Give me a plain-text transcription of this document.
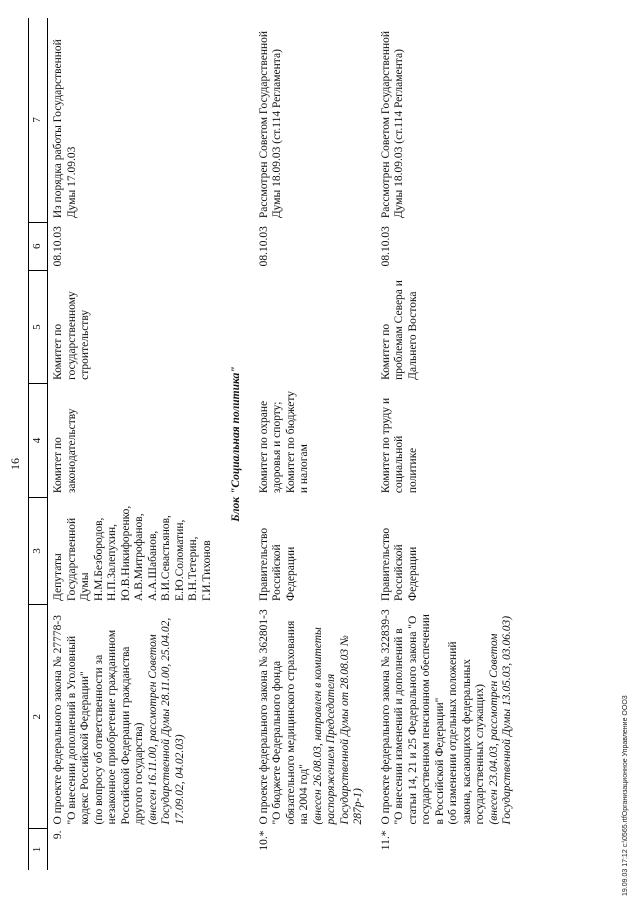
16
1	2	3	4	5	6	7
9.	О проекте федерального закона № 27778-3 "О внесении дополнений в Уголовный кодекс Российской Федерации" (по вопросу об ответственности за незаконное приобретение гражданином Российской Федерации гражданства другого государства) (внесен 16.11.00, рассмотрен Советом Государственной Думы 28.11.00, 25.04.02, 17.09.02, 04.02.03)	Депутаты Государственной Думы Н.М.Безбородов, Н.П.Залепухин, Ю.В.Никифоренко, А.В.Митрофанов, А.А.Шабанов, В.И.Севастьянов, Е.Ю.Соломатин, В.Н.Тетерин, Г.И.Тихонов	Комитет по законодательству	Комитет по государственному строительству	08.10.03	Из порядка работы Государственной Думы 17.09.03
Блок "Социальная политика"						
10.*	О проекте федерального закона № 362801-3 "О бюджете Федерального фонда обязательного медицинского страхования на 2004 год" (внесен 26.08.03, направлен в комитеты распоряжением Председателя Государственной Думы от 28.08.03 № 287р-1)	Правительство Российской Федерации	Комитет по охране здоровья и спорту; Комитет по бюджету и налогам		08.10.03	Рассмотрен Советом Государственной Думы 18.09.03 (ст.114 Регламента)
11.*	О проекте федерального закона № 322839-3 "О внесении изменений и дополнений в статьи 14, 21 и 25 Федерального закона "О государственном пенсионном обеспечении в Российской Федерации" (об изменении отдельных положений закона, касающихся федеральных государственных служащих) (внесен 23.04.03, рассмотрен Советом Государственной Думы 13.05.03, 03.06.03)	Правительство Российской Федерации	Комитет по труду и социальной политике	Комитет по проблемам Севера и Дальнего Востока	08.10.03	Рассмотрен Советом Государственной Думы 18.09.03 (ст.114 Регламента)
19.09.03 17:12 с:\0565.rtfОрганизационное Управление ООО3
